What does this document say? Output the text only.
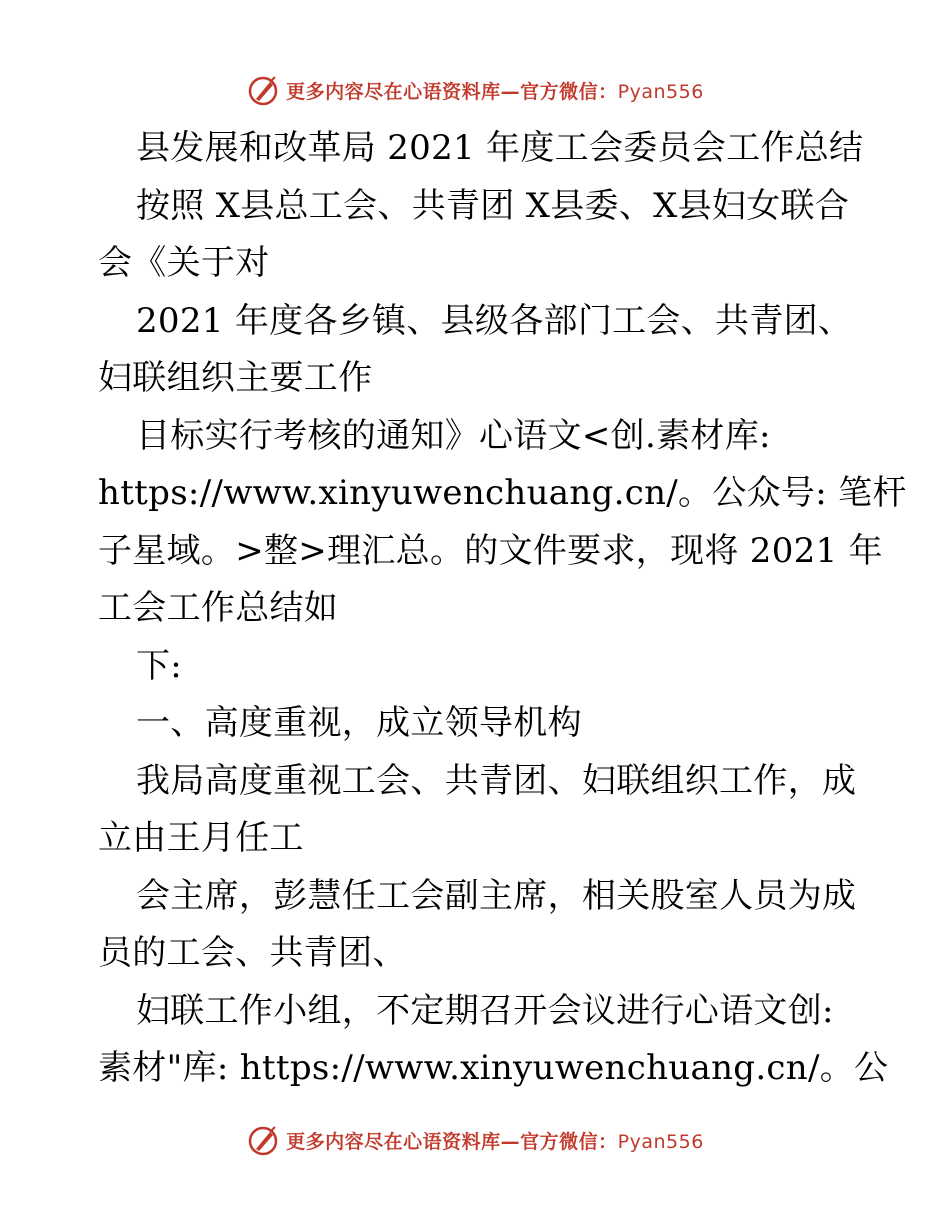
更多内容尽在心语资料库—官方微信：Pyan556
县发展和改革局 2021 年度工会委员会工作总结
按照 X县总工会、共青团 X县委、X县妇女联合
会《关于对
2021 年度各乡镇、县级各部门工会、共青团、
妇联组织主要工作
目标实行考核的通知》心语文<创.素材库:
https://www.xinyuwenchuang.cn/。公众号: 笔杆
子星域。>整>理汇总。的文件要求，现将 2021 年
工会工作总结如
下:
一、高度重视，成立领导机构
我局高度重视工会、共青团、妇联组织工作，成
立由王月任工
会主席，彭慧任工会副主席，相关股室人员为成
员的工会、共青团、
妇联工作小组，不定期召开会议进行心语文创:
素材"库: https://www.xinyuwenchuang.cn/。公
更多内容尽在心语资料库—官方微信：Pyan556
